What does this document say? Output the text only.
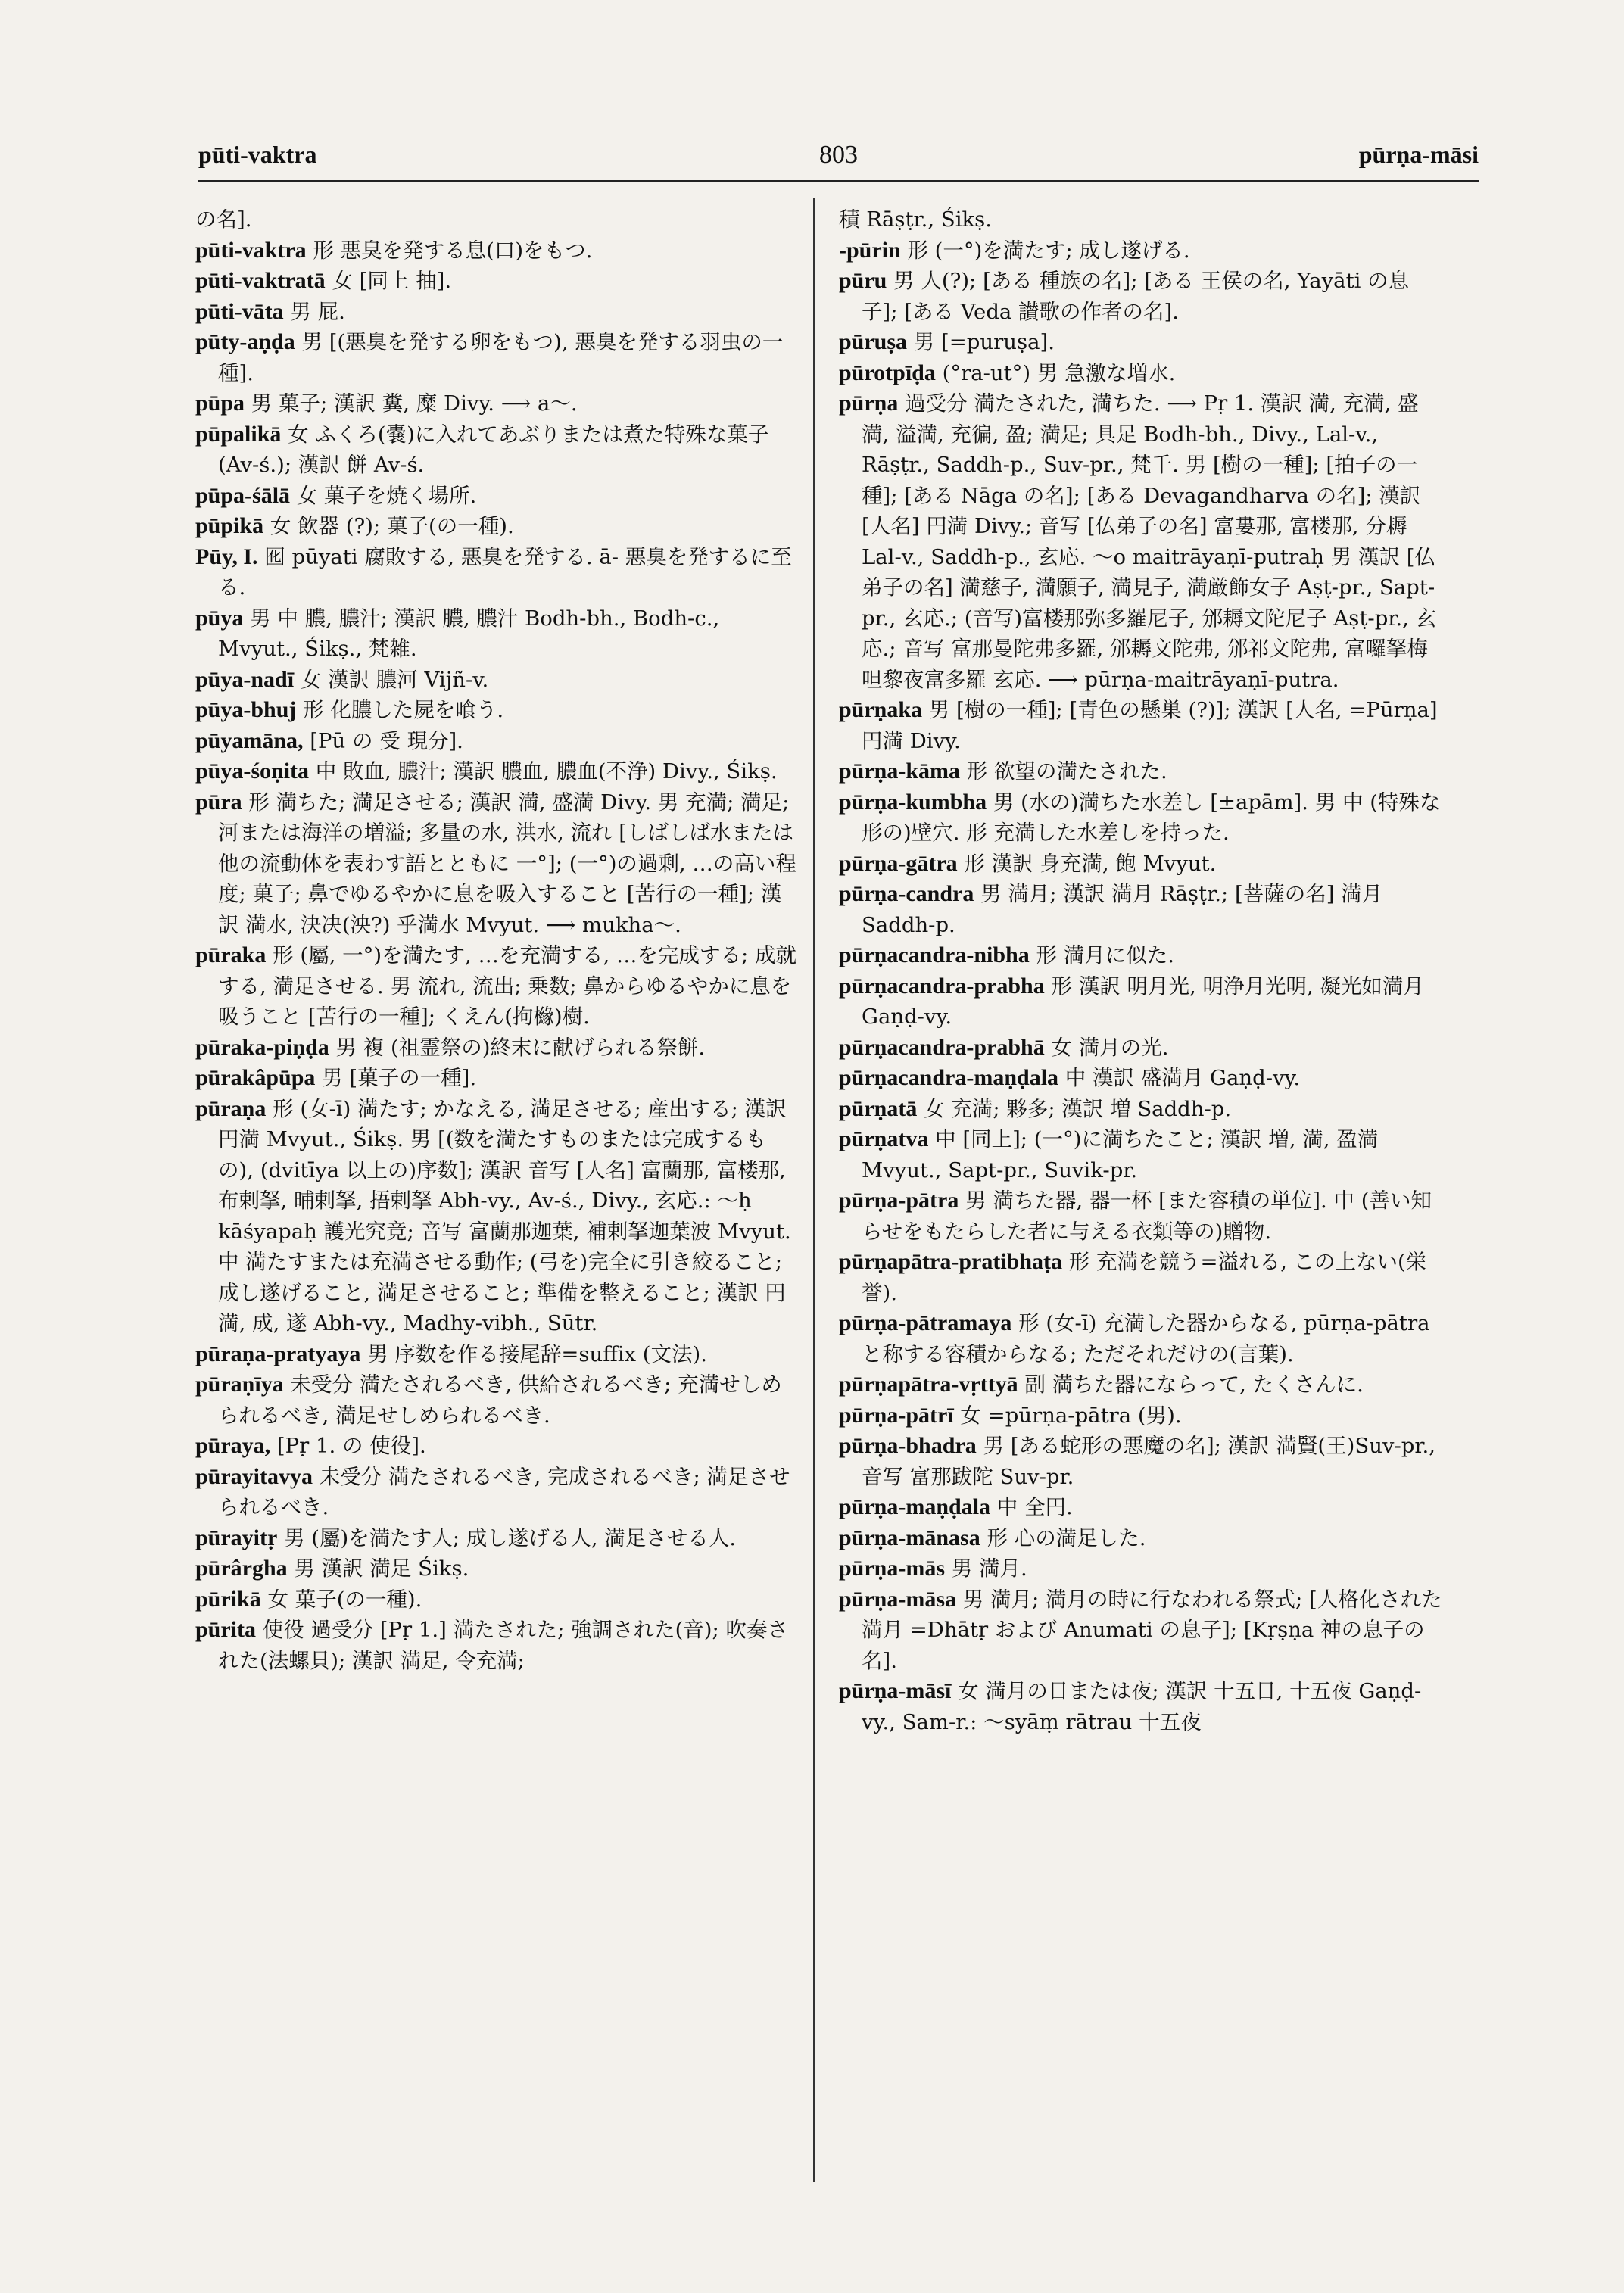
pūti-vaktra	803	pūrṇa-māsi

の名].

pūti-vaktra 形 悪臭を発する息(口)をもつ.

pūti-vaktratā 女 [同上 抽].

pūti-vāta 男 屁.

pūty-aṇḍa 男 [(悪臭を発する卵をもつ), 悪臭を発する羽虫の一種].

pūpa 男 菓子; 漢訳 糞, 糜 Divy. ⟶ a〜.

pūpalikā 女 ふくろ(嚢)に入れてあぶりまたは煮た特殊な菓子 (Av-ś.); 漢訳 餅 Av-ś.

pūpa-śālā 女 菓子を焼く場所.

pūpikā 女 飲器 (?); 菓子(の一種).

Pūy, I. 囮 pūyati 腐敗する, 悪臭を発する. ā- 悪臭を発するに至る.

pūya 男 中 膿, 膿汁; 漢訳 膿, 膿汁 Bodh-bh., Bodh-c., Mvyut., Śikṣ., 梵雑.

pūya-nadī 女 漢訳 膿河 Vijñ-v.

pūya-bhuj 形 化膿した屍を喰う.

pūyamāna, [Pū の 受 現分].

pūya-śoṇita 中 敗血, 膿汁; 漢訳 膿血, 膿血(不浄) Divy., Śikṣ.

pūra 形 満ちた; 満足させる; 漢訳 満, 盛満 Divy. 男 充満; 満足; 河または海洋の増溢; 多量の水, 洪水, 流れ [しばしば水または他の流動体を表わす語とともに 一°]; (一°)の過剰, …の高い程度; 菓子; 鼻でゆるやかに息を吸入すること [苦行の一種]; 漢訳 満水, 決决(泱?) 乎満水 Mvyut. ⟶ mukha〜.

pūraka 形 (屬, 一°)を満たす, …を充満する, …を完成する; 成就する, 満足させる. 男 流れ, 流出; 乗数; 鼻からゆるやかに息を吸うこと [苦行の一種]; くえん(拘櫞)樹.

pūraka-piṇḍa 男 複 (祖霊祭の)終末に献げられる祭餅.

pūrakâpūpa 男 [菓子の一種].

pūraṇa 形 (女-ī) 満たす; かなえる, 満足させる; 産出する; 漢訳 円満 Mvyut., Śikṣ. 男 [(数を満たすものまたは完成するもの), (dvitīya 以上の)序数]; 漢訳 音写 [人名] 富蘭那, 富楼那, 布剌拏, 晡剌拏, 捂剌拏 Abh-vy., Av-ś., Divy., 玄応.: 〜ḥ kāśyapaḥ 護光究竟; 音写 富蘭那迦葉, 補剌拏迦葉波 Mvyut. 中 満たすまたは充満させる動作; (弓を)完全に引き絞ること; 成し遂げること, 満足させること; 準備を整えること; 漢訳 円満, 成, 遂 Abh-vy., Madhy-vibh., Sūtr.

pūraṇa-pratyaya 男 序数を作る接尾辞=suffix (文法).

pūraṇīya 未受分 満たされるべき, 供給されるべき; 充満せしめられるべき, 満足せしめられるべき.

pūraya, [Pṛ 1. の 使役].

pūrayitavya 未受分 満たされるべき, 完成されるべき; 満足させられるべき.

pūrayitṛ 男 (屬)を満たす人; 成し遂げる人, 満足させる人.

pūrârgha 男 漢訳 満足 Śikṣ.

pūrikā 女 菓子(の一種).

pūrita 使役 過受分 [Pṛ 1.] 満たされた; 強調された(音); 吹奏された(法螺貝); 漢訳 満足, 令充満;

積 Rāṣṭr., Śikṣ.

-pūrin 形 (一°)を満たす; 成し遂げる.

pūru 男 人(?); [ある 種族の名]; [ある 王侯の名, Yayāti の息子]; [ある Veda 讃歌の作者の名].

pūruṣa 男 [=puruṣa].

pūrotpīḍa (°ra-ut°) 男 急激な増水.

pūrṇa 過受分 満たされた, 満ちた. ⟶ Pṛ 1. 漢訳 満, 充満, 盛満, 溢満, 充徧, 盈; 満足; 具足 Bodh-bh., Divy., Lal-v., Rāṣṭr., Saddh-p., Suv-pr., 梵千. 男 [樹の一種]; [拍子の一種]; [ある Nāga の名]; [ある Devagandharva の名]; 漢訳 [人名] 円満 Divy.; 音写 [仏弟子の名] 富婁那, 富楼那, 分耨 Lal-v., Saddh-p., 玄応. 〜o maitrāyaṇī-putraḥ 男 漢訳 [仏弟子の名] 満慈子, 満願子, 満見子, 満厳飾女子 Aṣṭ-pr., Sapt-pr., 玄応.; (音写)富楼那弥多羅尼子, 邠耨文陀尼子 Aṣṭ-pr., 玄応.; 音写 富那曼陀弗多羅, 邠耨文陀弗, 邠祁文陀弗, 富囉拏梅呾黎夜富多羅 玄応. ⟶ pūrṇa-maitrāyaṇī-putra.

pūrṇaka 男 [樹の一種]; [青色の懸巣 (?)]; 漢訳 [人名, =Pūrṇa] 円満 Divy.

pūrṇa-kāma 形 欲望の満たされた.

pūrṇa-kumbha 男 (水の)満ちた水差し [±apām]. 男 中 (特殊な形の)壁穴. 形 充満した水差しを持った.

pūrṇa-gātra 形 漢訳 身充満, 飽 Mvyut.

pūrṇa-candra 男 満月; 漢訳 満月 Rāṣṭr.; [菩薩の名] 満月 Saddh-p.

pūrṇacandra-nibha 形 満月に似た.

pūrṇacandra-prabha 形 漢訳 明月光, 明浄月光明, 凝光如満月 Gaṇḍ-vy.

pūrṇacandra-prabhā 女 満月の光.

pūrṇacandra-maṇḍala 中 漢訳 盛満月 Gaṇḍ-vy.

pūrṇatā 女 充満; 夥多; 漢訳 増 Saddh-p.

pūrṇatva 中 [同上]; (一°)に満ちたこと; 漢訳 増, 満, 盈満 Mvyut., Sapt-pr., Suvik-pr.

pūrṇa-pātra 男 満ちた器, 器一杯 [また容積の単位]. 中 (善い知らせをもたらした者に与える衣類等の)贈物.

pūrṇapātra-pratibhaṭa 形 充満を競う=溢れる, この上ない(栄誉).

pūrṇa-pātramaya 形 (女-ī) 充満した器からなる, pūrṇa-pātra と称する容積からなる; ただそれだけの(言葉).

pūrṇapātra-vṛttyā 副 満ちた器にならって, たくさんに.

pūrṇa-pātrī 女 =pūrṇa-pātra (男).

pūrṇa-bhadra 男 [ある蛇形の悪魔の名]; 漢訳 満賢(王)Suv-pr., 音写 富那跋陀 Suv-pr.

pūrṇa-maṇḍala 中 全円.

pūrṇa-mānasa 形 心の満足した.

pūrṇa-mās 男 満月.

pūrṇa-māsa 男 満月; 満月の時に行なわれる祭式; [人格化された満月 =Dhātṛ および Anumati の息子]; [Kṛṣṇa 神の息子の名].

pūrṇa-māsī 女 満月の日または夜; 漢訳 十五日, 十五夜 Gaṇḍ-vy., Sam-r.: 〜syāṃ rātrau 十五夜
